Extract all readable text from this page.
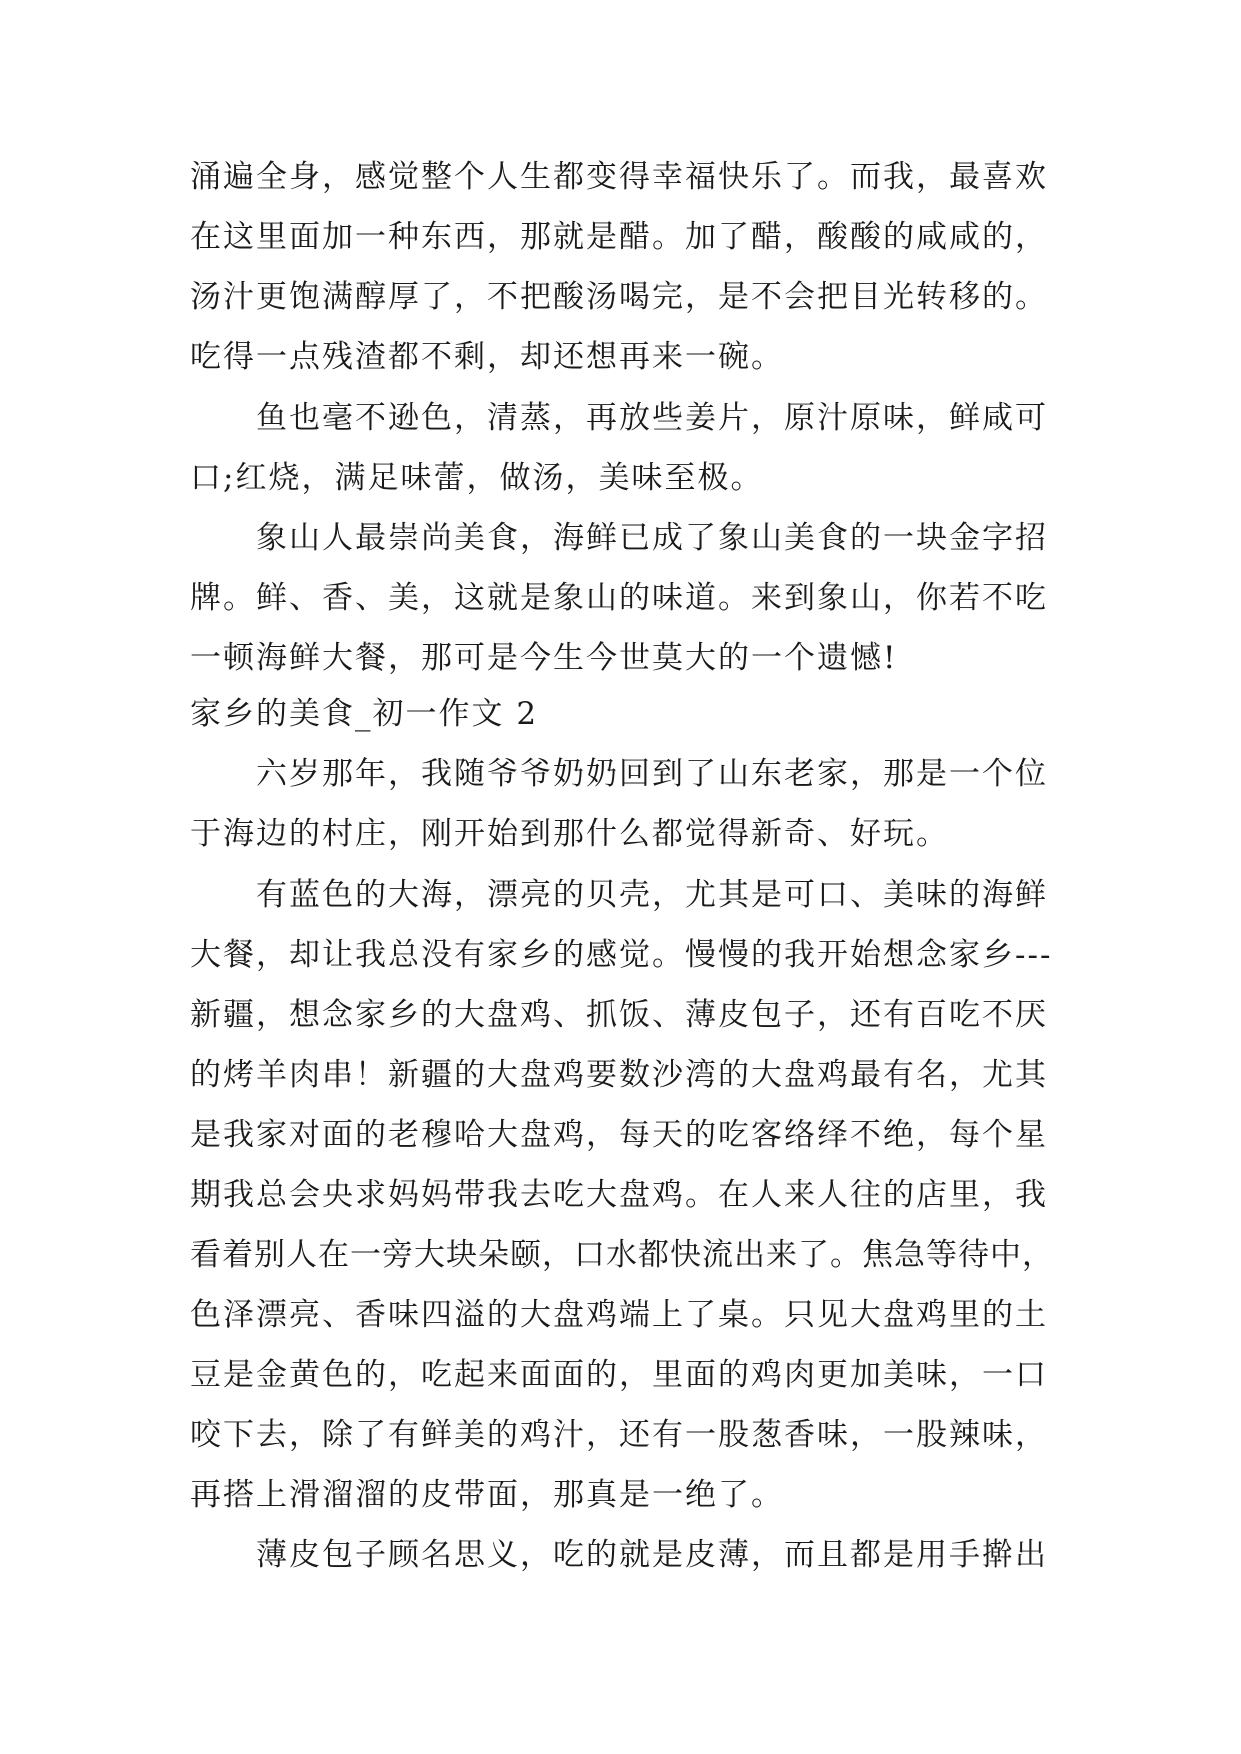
涌遍全身，感觉整个人生都变得幸福快乐了。而我，最喜欢
在这里面加一种东西，那就是醋。加了醋，酸酸的咸咸的，
汤汁更饱满醇厚了，不把酸汤喝完，是不会把目光转移的。
吃得一点残渣都不剩，却还想再来一碗。
鱼也毫不逊色，清蒸，再放些姜片，原汁原味，鲜咸可
口;红烧，满足味蕾，做汤，美味至极。
象山人最崇尚美食，海鲜已成了象山美食的一块金字招
牌。鲜、香、美，这就是象山的味道。来到象山，你若不吃
一顿海鲜大餐，那可是今生今世莫大的一个遗憾!
家乡的美食_初一作文 2
六岁那年，我随爷爷奶奶回到了山东老家，那是一个位
于海边的村庄，刚开始到那什么都觉得新奇、好玩。
有蓝色的大海，漂亮的贝壳，尤其是可口、美味的海鲜
大餐，却让我总没有家乡的感觉。慢慢的我开始想念家乡---
新疆，想念家乡的大盘鸡、抓饭、薄皮包子，还有百吃不厌
的烤羊肉串！新疆的大盘鸡要数沙湾的大盘鸡最有名，尤其
是我家对面的老穆哈大盘鸡，每天的吃客络绎不绝，每个星
期我总会央求妈妈带我去吃大盘鸡。在人来人往的店里，我
看着别人在一旁大块朵颐，口水都快流出来了。焦急等待中，
色泽漂亮、香味四溢的大盘鸡端上了桌。只见大盘鸡里的土
豆是金黄色的，吃起来面面的，里面的鸡肉更加美味，一口
咬下去，除了有鲜美的鸡汁，还有一股葱香味，一股辣味，
再搭上滑溜溜的皮带面，那真是一绝了。
薄皮包子顾名思义，吃的就是皮薄，而且都是用手擀出
